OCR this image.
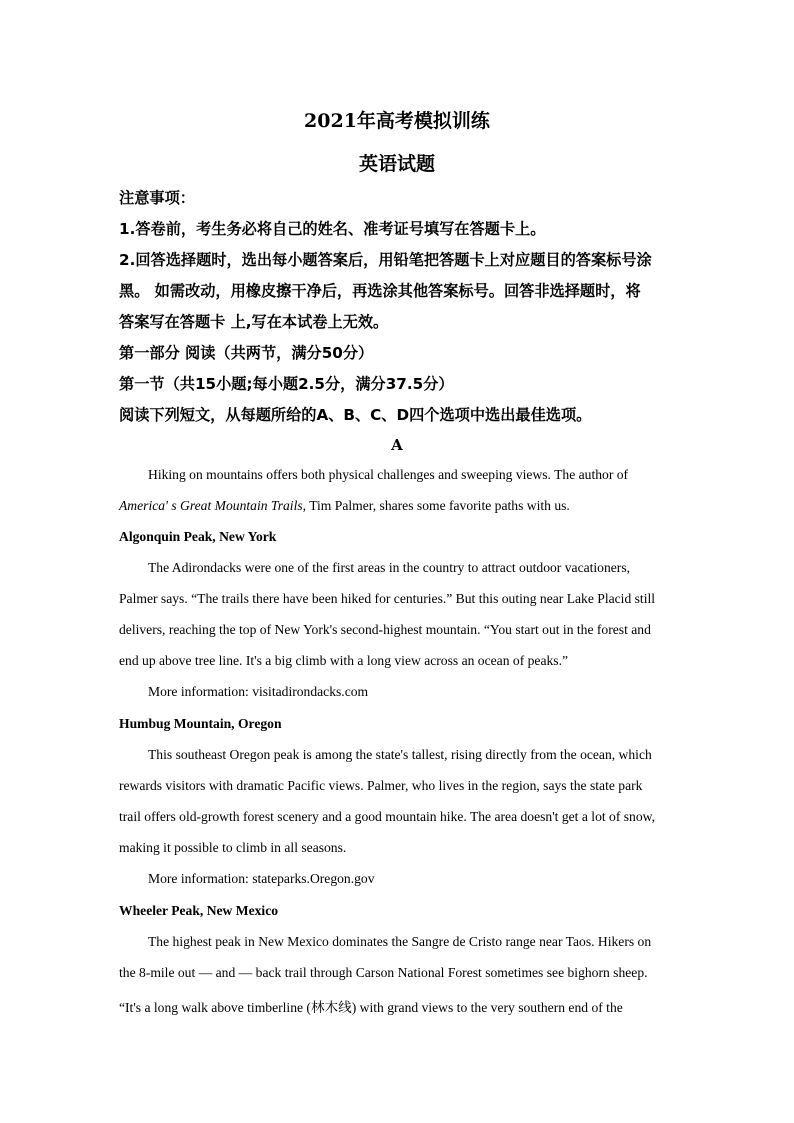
2021年高考模拟训练
英语试题
注意事项：
1.答卷前，考生务必将自己的姓名、准考证号填写在答题卡上。
2.回答选择题时，选出每小题答案后，用铅笔把答题卡上对应题目的答案标号涂
黑。 如需改动，用橡皮擦干净后，再选涂其他答案标号。回答非选择题时，将
答案写在答题卡 上,写在本试卷上无效。
第一部分 阅读（共两节，满分50分）
第一节（共15小题;每小题2.5分，满分37.5分）
阅读下列短文，从每题所给的A、B、C、D四个选项中选出最佳选项。
A
Hiking on mountains offers both physical challenges and sweeping views. The author of
America' s Great Mountain Trails, Tim Palmer, shares some favorite paths with us.
Algonquin Peak, New York
The Adirondacks were one of the first areas in the country to attract outdoor vacationers,
Palmer says. “The trails there have been hiked for centuries.” But this outing near Lake Placid still
delivers, reaching the top of New York's second-highest mountain. “You start out in the forest and
end up above tree line. It's a big climb with a long view across an ocean of peaks.”
More information: visitadirondacks.com
Humbug Mountain, Oregon
This southeast Oregon peak is among the state's tallest, rising directly from the ocean, which
rewards visitors with dramatic Pacific views. Palmer, who lives in the region, says the state park
trail offers old-growth forest scenery and a good mountain hike. The area doesn't get a lot of snow,
making it possible to climb in all seasons.
More information: stateparks.Oregon.gov
Wheeler Peak, New Mexico
The highest peak in New Mexico dominates the Sangre de Cristo range near Taos. Hikers on
the 8-mile out — and — back trail through Carson National Forest sometimes see bighorn sheep.
“It's a long walk above timberline (林木线) with grand views to the very southern end of the
